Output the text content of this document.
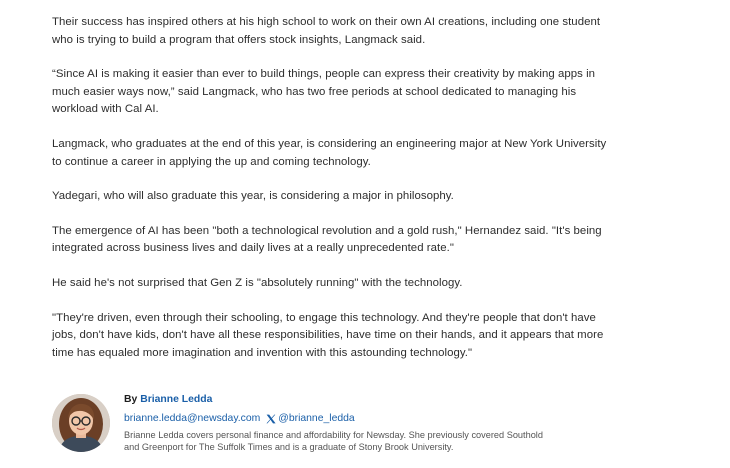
Their success has inspired others at his high school to work on their own AI creations, including one student who is trying to build a program that offers stock insights, Langmack said.

“Since AI is making it easier than ever to build things, people can express their creativity by making apps in much easier ways now,” said Langmack, who has two free periods at school dedicated to managing his workload with Cal AI.

Langmack, who graduates at the end of this year, is considering an engineering major at New York University to continue a career in applying the up and coming technology.

Yadegari, who will also graduate this year, is considering a major in philosophy.

The emergence of AI has been "both a technological revolution and a gold rush," Hernandez said. "It's being integrated across business lives and daily lives at a really unprecedented rate."

He said he's not surprised that Gen Z is "absolutely running" with the technology.

"They're driven, even through their schooling, to engage this technology. And they're people that don't have jobs, don't have kids, don't have all these responsibilities, have time on their hands, and it appears that more time has equaled more imagination and invention with this astounding technology."

By Brianne Ledda
brianne.ledda@newsday.com @brianne_ledda
Brianne Ledda covers personal finance and affordability for Newsday. She previously covered Southold and Greenport for The Suffolk Times and is a graduate of Stony Brook University.
